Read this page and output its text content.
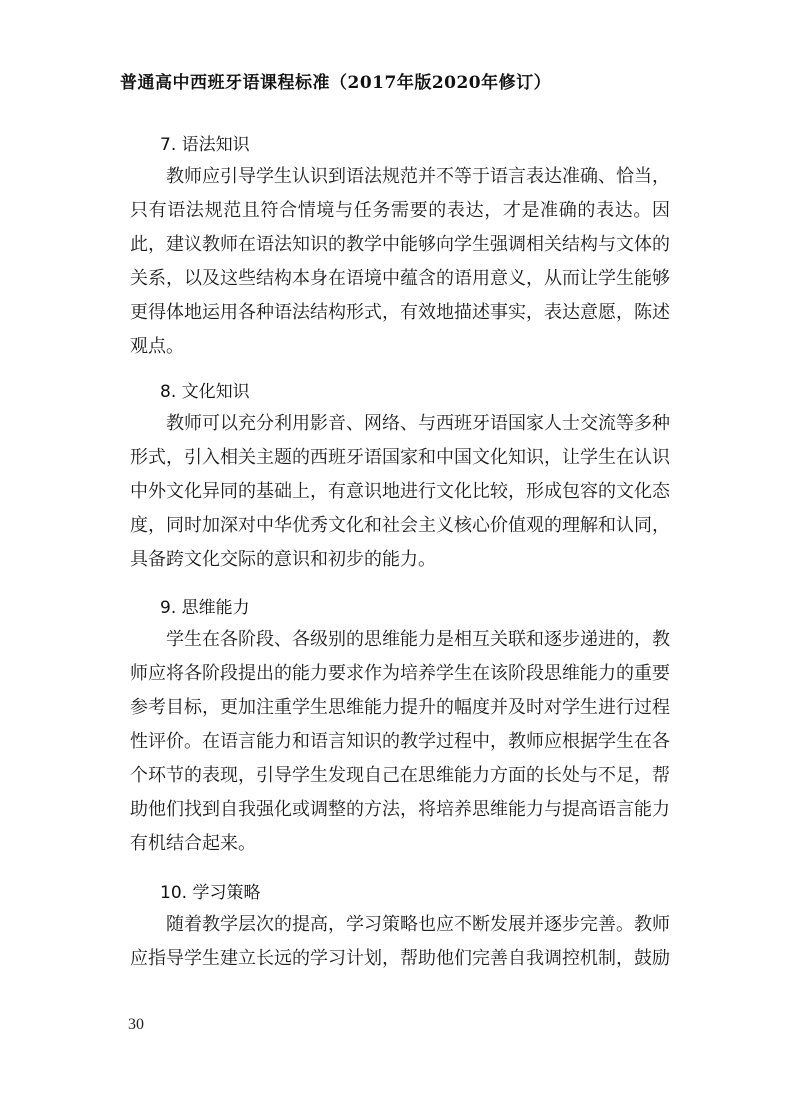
普通高中西班牙语课程标准（2017年版2020年修订）
7. 语法知识

教师应引导学生认识到语法规范并不等于语言表达准确、恰当，只有语法规范且符合情境与任务需要的表达，才是准确的表达。因此，建议教师在语法知识的教学中能够向学生强调相关结构与文体的关系，以及这些结构本身在语境中蕴含的语用意义，从而让学生能够更得体地运用各种语法结构形式，有效地描述事实，表达意愿，陈述观点。

8. 文化知识

教师可以充分利用影音、网络、与西班牙语国家人士交流等多种形式，引入相关主题的西班牙语国家和中国文化知识，让学生在认识中外文化异同的基础上，有意识地进行文化比较，形成包容的文化态度，同时加深对中华优秀文化和社会主义核心价值观的理解和认同，具备跨文化交际的意识和初步的能力。

9. 思维能力

学生在各阶段、各级别的思维能力是相互关联和逐步递进的，教师应将各阶段提出的能力要求作为培养学生在该阶段思维能力的重要参考目标，更加注重学生思维能力提升的幅度并及时对学生进行过程性评价。在语言能力和语言知识的教学过程中，教师应根据学生在各个环节的表现，引导学生发现自己在思维能力方面的长处与不足，帮助他们找到自我强化或调整的方法，将培养思维能力与提高语言能力有机结合起来。

10. 学习策略

随着教学层次的提高，学习策略也应不断发展并逐步完善。教师应指导学生建立长远的学习计划，帮助他们完善自我调控机制，鼓励

30
